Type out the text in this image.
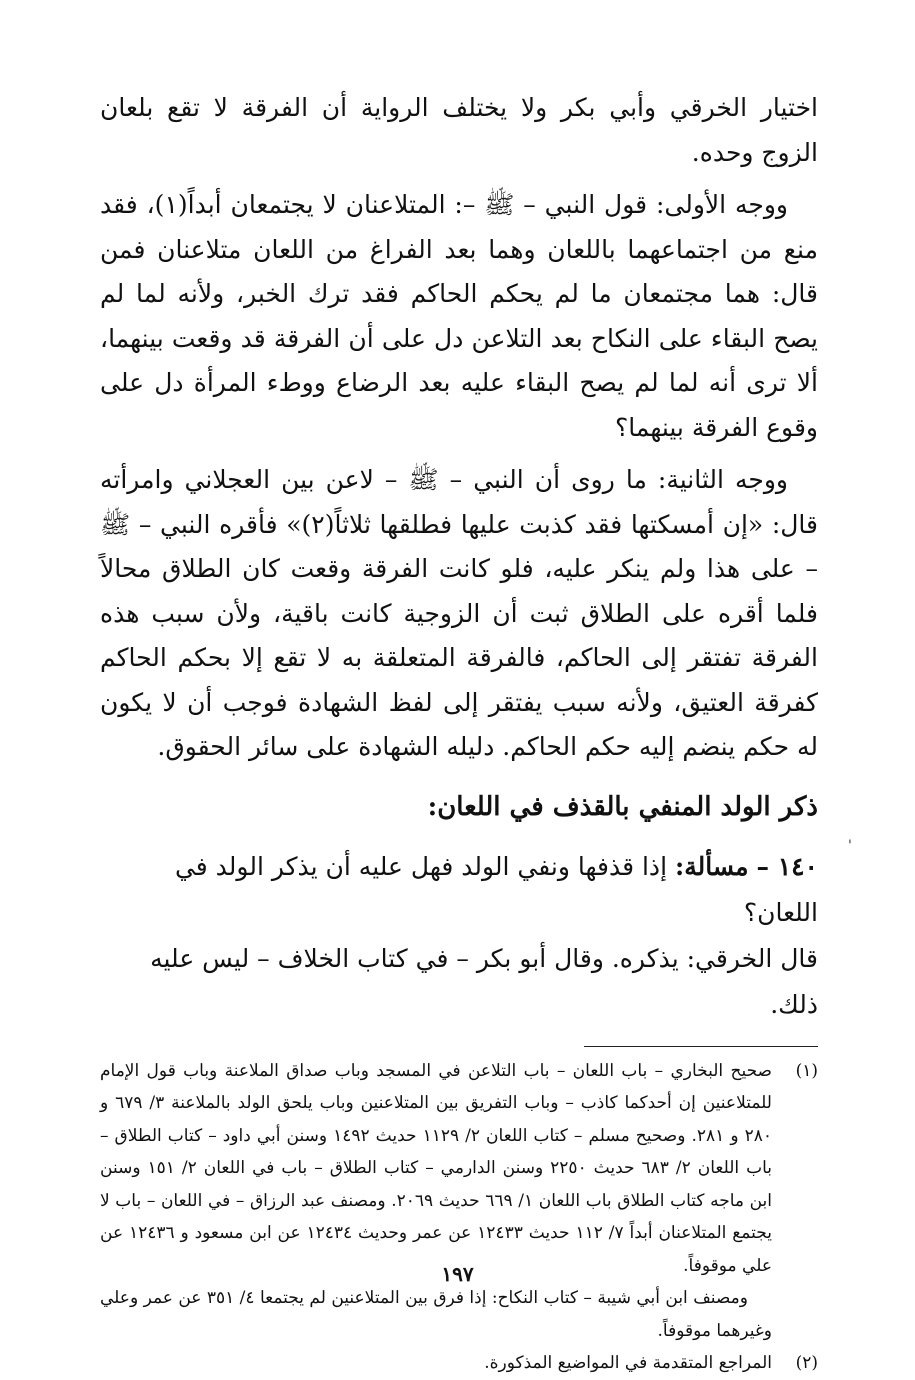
اختيار الخرقي وأبي بكر ولا يختلف الرواية أن الفرقة لا تقع بلعان الزوج وحده.

ووجه الأولى: قول النبي – ﷺ –: المتلاعنان لا يجتمعان أبداً(١)، فقد منع من اجتماعهما باللعان وهما بعد الفراغ من اللعان متلاعنان فمن قال: هما مجتمعان ما لم يحكم الحاكم فقد ترك الخبر، ولأنه لما لم يصح البقاء على النكاح بعد التلاعن دل على أن الفرقة قد وقعت بينهما، ألا ترى أنه لما لم يصح البقاء عليه بعد الرضاع ووطء المرأة دل على وقوع الفرقة بينهما؟

ووجه الثانية: ما روى أن النبي – ﷺ – لاعن بين العجلاني وامرأته قال: «إن أمسكتها فقد كذبت عليها فطلقها ثلاثاً(٢)» فأقره النبي – ﷺ – على هذا ولم ينكر عليه، فلو كانت الفرقة وقعت كان الطلاق محالاً فلما أقره على الطلاق ثبت أن الزوجية كانت باقية، ولأن سبب هذه الفرقة تفتقر إلى الحاكم، فالفرقة المتعلقة به لا تقع إلا بحكم الحاكم كفرقة العتيق، ولأنه سبب يفتقر إلى لفظ الشهادة فوجب أن لا يكون له حكم ينضم إليه حكم الحاكم. دليله الشهادة على سائر الحقوق.

ذكر الولد المنفي بالقذف في اللعان:

١٤٠ – مسألة: إذا قذفها ونفي الولد فهل عليه أن يذكر الولد في اللعان؟

قال الخرقي: يذكره. وقال أبو بكر – في كتاب الخلاف – ليس عليه ذلك.

(١)
صحيح البخاري – باب اللعان – باب التلاعن في المسجد وباب صداق الملاعنة وباب قول الإمام للمتلاعنين إن أحدكما كاذب – وباب التفريق بين المتلاعنين وباب يلحق الولد بالملاعنة ٣/ ٦٧٩ و ٢٨٠ و ٢٨١. وصحيح مسلم – كتاب اللعان ٢/ ١١٢٩ حديث ١٤٩٢ وسنن أبي داود – كتاب الطلاق – باب اللعان ٢/ ٦٨٣ حديث ٢٢٥٠ وسنن الدارمي – كتاب الطلاق – باب في اللعان ٢/ ١٥١ وسنن ابن ماجه كتاب الطلاق باب اللعان ١/ ٦٦٩ حديث ٢٠٦٩. ومصنف عبد الرزاق – في اللعان – باب لا يجتمع المتلاعنان أبداً ٧/ ١١٢ حديث ١٢٤٣٣ عن عمر وحديث ١٢٤٣٤ عن ابن مسعود و ١٢٤٣٦ عن علي موقوفاً.
ومصنف ابن أبي شيبة – كتاب النكاح: إذا فرق بين المتلاعنين لم يجتمعا ٤/ ٣٥١ عن عمر وعلي وغيرهما موقوفاً.
(٢)
المراجع المتقدمة في المواضيع المذكورة.
'
١٩٧
